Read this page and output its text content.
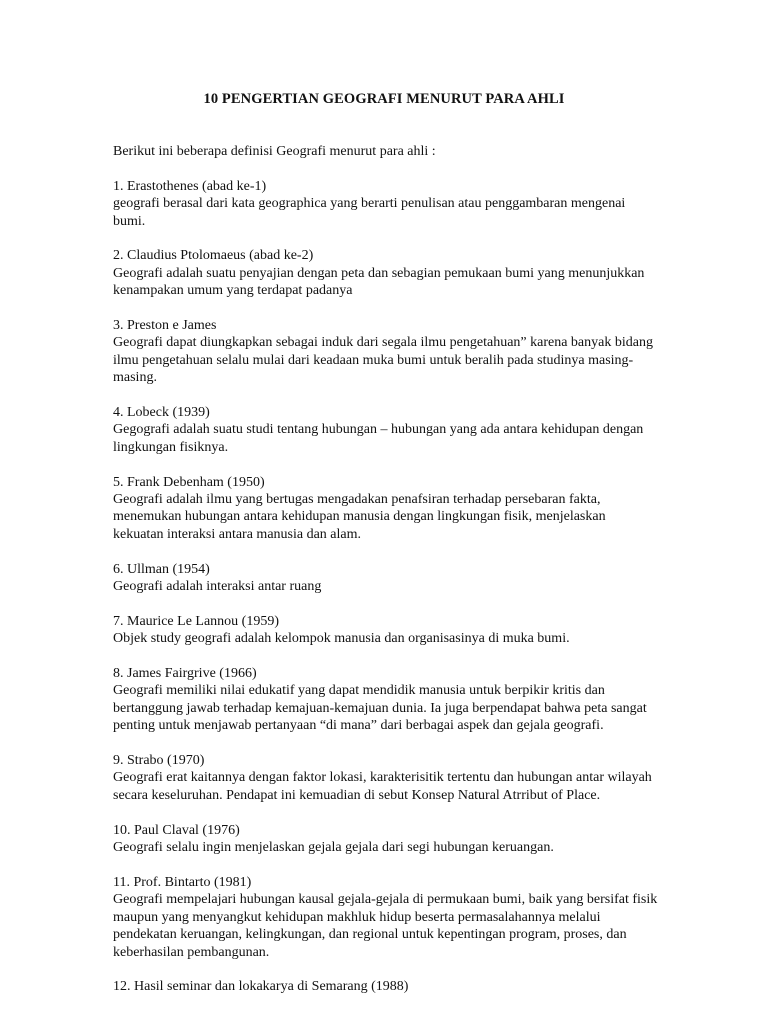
10 PENGERTIAN GEOGRAFI MENURUT PARA AHLI

Berikut ini beberapa definisi Geografi menurut para ahli :

1. Erastothenes (abad ke-1)
geografi berasal dari kata geographica yang berarti penulisan atau penggambaran mengenai bumi.
2. Claudius Ptolomaeus (abad ke-2)
Geografi adalah suatu penyajian dengan peta dan sebagian pemukaan bumi yang menunjukkan kenampakan umum yang terdapat padanya
3. Preston e James
Geografi dapat diungkapkan sebagai induk dari segala ilmu pengetahuan” karena banyak bidang ilmu pengetahuan selalu mulai dari keadaan muka bumi untuk beralih pada studinya masing-masing.
4. Lobeck (1939)
Gegografi adalah suatu studi tentang hubungan – hubungan yang ada antara kehidupan dengan lingkungan fisiknya.
5. Frank Debenham (1950)
Geografi adalah ilmu yang bertugas mengadakan penafsiran terhadap persebaran fakta, menemukan hubungan antara kehidupan manusia dengan lingkungan fisik, menjelaskan kekuatan interaksi antara manusia dan alam.
6. Ullman (1954)
Geografi adalah interaksi antar ruang
7. Maurice Le Lannou (1959)
Objek study geografi adalah kelompok manusia dan organisasinya di muka bumi.
8. James Fairgrive (1966)
Geografi memiliki nilai edukatif yang dapat mendidik manusia untuk berpikir kritis dan bertanggung jawab terhadap kemajuan-kemajuan dunia. Ia juga berpendapat bahwa peta sangat penting untuk menjawab pertanyaan “di mana” dari berbagai aspek dan gejala geografi.
9. Strabo (1970)
Geografi erat kaitannya dengan faktor lokasi, karakterisitik tertentu dan hubungan antar wilayah secara keseluruhan. Pendapat ini kemuadian di sebut Konsep Natural Atrribut of Place.
10. Paul Claval (1976)
Geografi selalu ingin menjelaskan gejala gejala dari segi hubungan keruangan.
11. Prof. Bintarto (1981)
Geografi mempelajari hubungan kausal gejala-gejala di permukaan bumi, baik yang bersifat fisik maupun yang menyangkut kehidupan makhluk hidup beserta permasalahannya melalui pendekatan keruangan, kelingkungan, dan regional untuk kepentingan program, proses, dan keberhasilan pembangunan.
12. Hasil seminar dan lokakarya di Semarang (1988)
